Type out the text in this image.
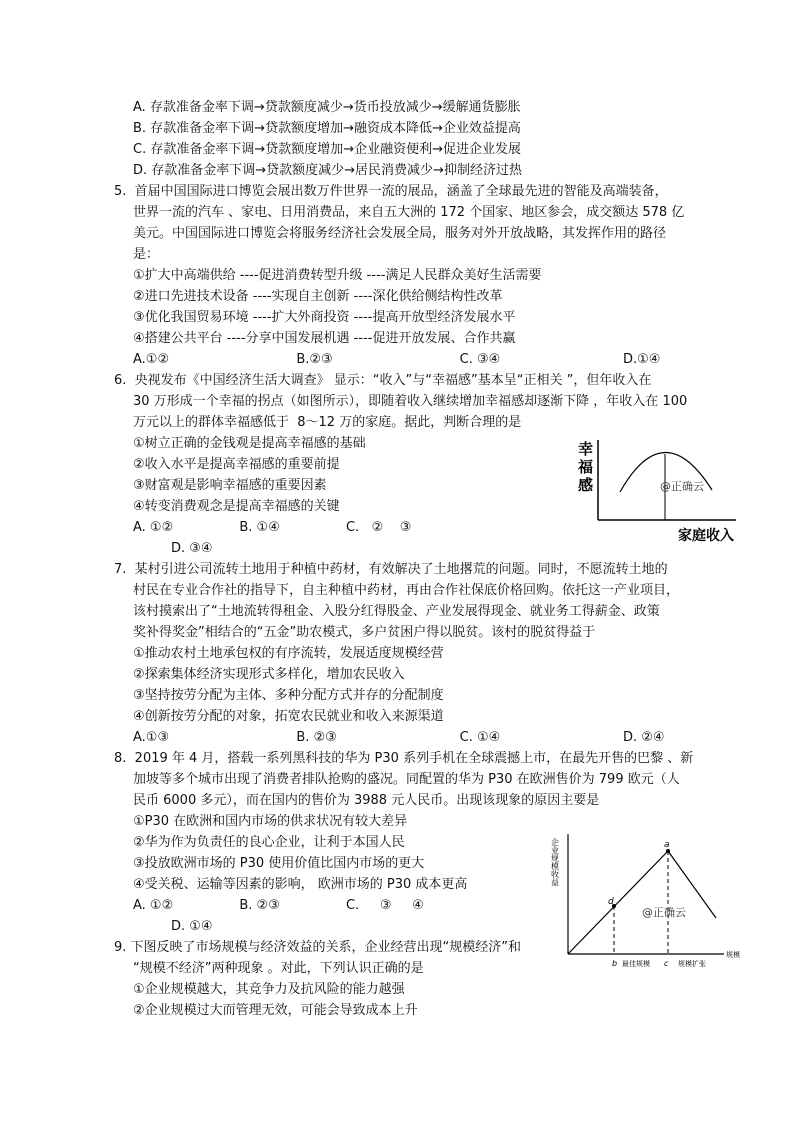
A. 存款准备金率下调→贷款额度减少→货币投放减少→缓解通货膨胀
B. 存款准备金率下调→贷款额度增加→融资成本降低→企业效益提高
C. 存款准备金率下调→贷款额度增加→企业融资便利→促进企业发展
D. 存款准备金率下调→贷款额度减少→居民消费减少→抑制经济过热
5.  首届中国国际进口博览会展出数万件世界一流的展品，涵盖了全球最先进的智能及高端装备，
世界一流的汽车 、家电、日用消费品，来自五大洲的 172 个国家、地区参会，成交额达 578 亿
美元。中国国际进口博览会将服务经济社会发展全局，服务对外开放战略，其发挥作用的路径
是：
①扩大中高端供给 ----促进消费转型升级 ----满足人民群众美好生活需要
②进口先进技术设备 ----实现自主创新 ----深化供给侧结构性改革
③优化我国贸易环境 ----扩大外商投资 ----提高开放型经济发展水平
④搭建公共平台 ----分享中国发展机遇 ----促进开放发展、合作共赢
A.①②	B.②③	C. ③④	D.①④
6.  央视发布《中国经济生活大调查》 显示：“收入”与“幸福感”基本呈“正相关 ”，但年收入在
30 万形成一个幸福的拐点（如图所示），即随着收入继续增加幸福感却逐渐下降 ，年收入在 100
万元以上的群体幸福感低于  8～12 万的家庭。据此，判断合理的是
①树立正确的金钱观是提高幸福感的基础
②收入水平是提高幸福感的重要前提
③财富观是影响幸福感的重要因素
④转变消费观念是提高幸福感的关键
A. ①②                B. ①④                C.   ②    ③
D. ③④
幸
福
感	@正确云
家庭收入
7.  某村引进公司流转土地用于种植中药材，有效解决了土地撂荒的问题。同时，不愿流转土地的
村民在专业合作社的指导下，自主种植中药材，再由合作社保底价格回购。依托这一产业项目，
该村摸索出了“土地流转得租金、入股分红得股金、产业发展得现金、就业务工得薪金、政策
奖补得奖金”相结合的“五金”助农模式，多户贫困户得以脱贫。该村的脱贫得益于
①推动农村土地承包权的有序流转，发展适度规模经营
②探索集体经济实现形式多样化，增加农民收入
③坚持按劳分配为主体、多种分配方式并存的分配制度
④创新按劳分配的对象，拓宽农民就业和收入来源渠道
A.①③	B. ②③	C. ①④	D. ②④
8.  2019 年 4 月，搭载一系列黑科技的华为 P30 系列手机在全球震撼上市，在最先开售的巴黎 、新
加坡等多个城市出现了消费者排队抢购的盛况。同配置的华为 P30 在欧洲售价为 799 欧元（人
民币 6000 多元），而在国内的售价为 3988 元人民币。出现该现象的原因主要是
①P30 在欧洲和国内市场的供求状况有较大差异
②华为作为负责任的良心企业，让利于本国人民
③投放欧洲市场的 P30 使用价值比国内市场的更大
④受关税、运输等因素的影响， 欧洲市场的 P30 成本更高
A. ①②                B. ②③                C.     ③     ④
D. ①④
9. 下图反映了市场规模与经济效益的关系，企业经营出现“规模经济”和
“规模不经济”两种现象 。对此，下列认识正确的是
①企业规模越大，其竞争力及抗风险的能力越强
②企业规模过大而管理无效，可能会导致成本上升
企业规模收益	a
d
@正确云
b 最佳规模 c 规模扩张
规模
